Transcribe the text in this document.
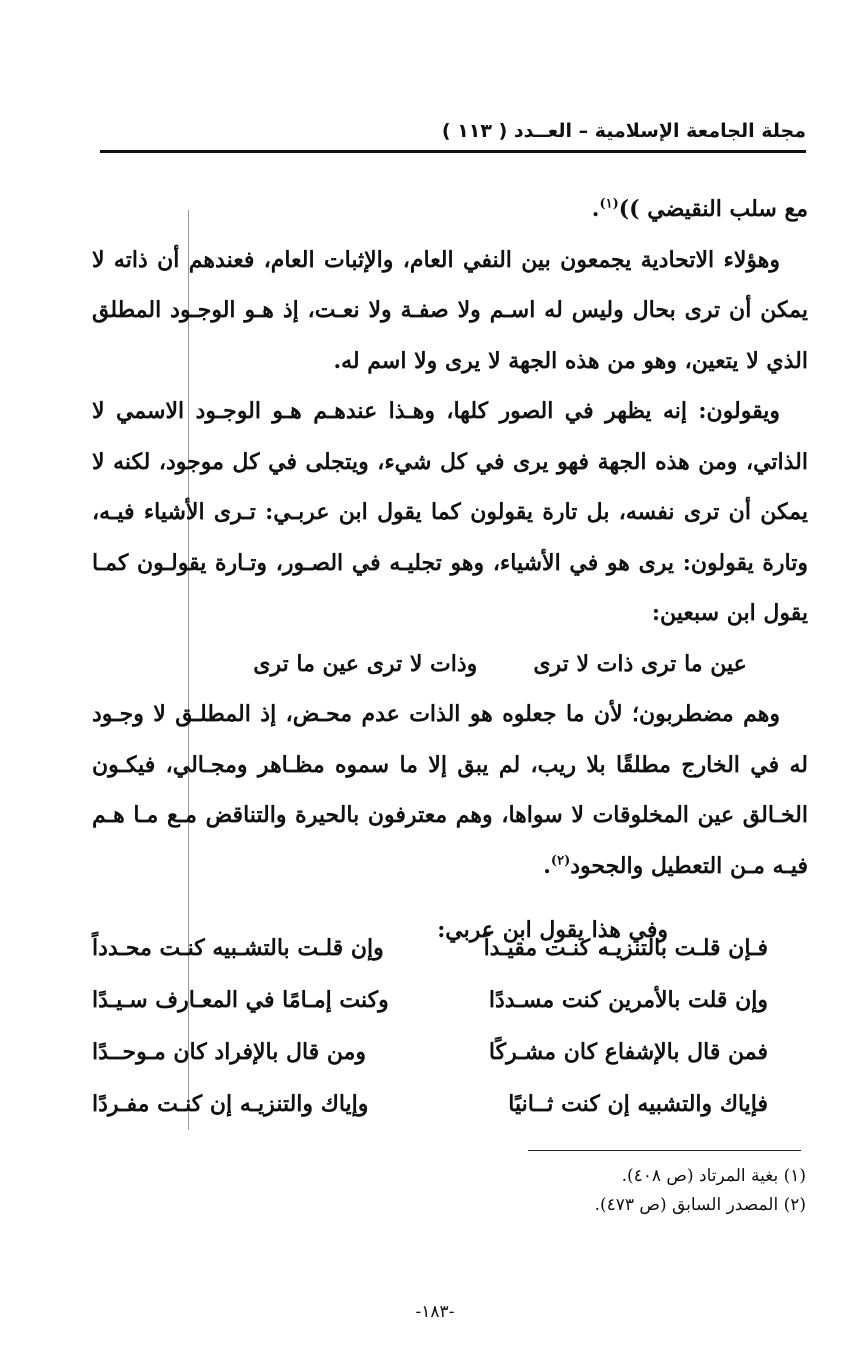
مجلة الجامعة الإسلامية – العــدد ( ١١٣ )

مع سلب النقيضي ))$^{(١)}$.

وهؤلاء الاتحادية يجمعون بين النفي العام، والإثبات العام، فعندهم أن ذاته لا يمكن أن ترى بحال وليس له اسـم ولا صفـة ولا نعـت، إذ هـو الوجـود المطلق الذي لا يتعين، وهو من هذه الجهة لا يرى ولا اسم له.

ويقولون: إنه يظهر في الصور كلها، وهـذا عندهـم هـو الوجـود الاسمي لا الذاتي، ومن هذه الجهة فهو يرى في كل شيء، ويتجلى في كل موجود، لكنه لا يمكن أن ترى نفسه، بل تارة يقولون كما يقول ابن عربـي: تـرى الأشياء فيـه، وتارة يقولون: يرى هو في الأشياء، وهو تجليـه في الصـور، وتـارة يقولـون كمـا يقول ابن سبعين:

عين ما ترى ذات لا ترى
وذات لا ترى عين ما ترى

وهم مضطربون؛ لأن ما جعلوه هو الذات عدم محـض، إذ المطلـق لا وجـود له في الخارج مطلقًا بلا ريب، لم يبق إلا ما سموه مظـاهر ومجـالي، فيكـون الخـالق عين المخلوقات لا سواها، وهم معترفون بالحيرة والتناقض مـع مـا هـم فيـه مـن التعطيل والجحود$^{(٢)}$.

وفي هذا يقول ابن عربي:

فـإن قلـت بالتنزيـه كنـت مقيـداً
وإن قلـت بالتشـبيه كنـت محـدداً
وإن قلت بالأمرين كنت مسـددًا
وكنت إمـامًا في المعـارف سـيـدًا
فمن قال بالإشفاع كان مشـركًا
ومن قال بالإفراد كان مـوحــدًا
فإياك والتشبيه إن كنت ثــانيًا
وإياك والتنزيـه إن كنـت مفـردًا
(١) بغية المرتاد (ص ٤٠٨).
(٢) المصدر السابق (ص ٤٧٣).
-١٨٣-
